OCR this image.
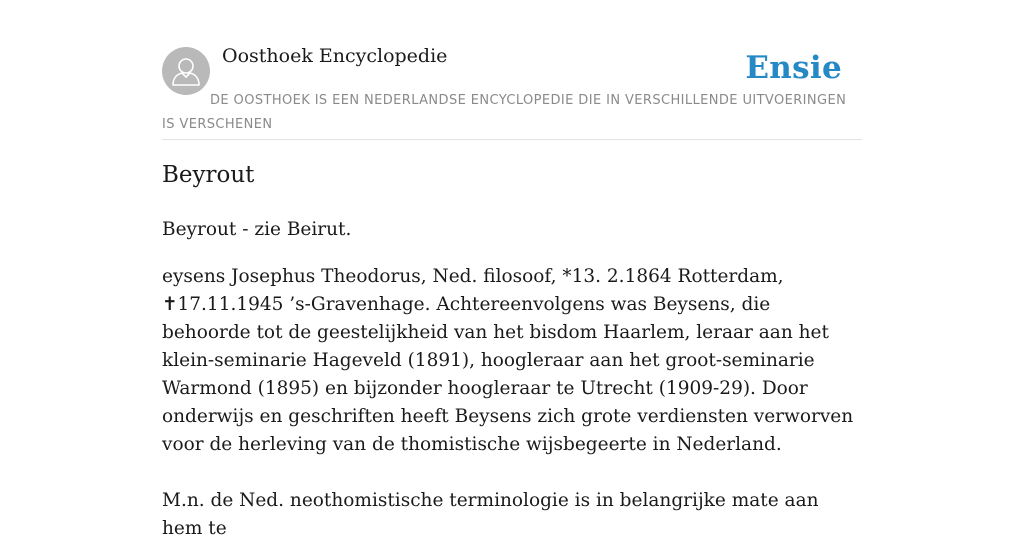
Oosthoek Encyclopedie	Ensie
DE OOSTHOEK IS EEN NEDERLANDSE ENCYCLOPEDIE DIE IN VERSCHILLENDE UITVOERINGEN IS VERSCHENEN
Beyrout

Beyrout - zie Beirut.

eysens Josephus Theodorus, Ned. filosoof, *13. 2.1864 Rotterdam, ✝17.11.1945 ’s-Gravenhage. Achtereenvolgens was Beysens, die behoorde tot de geestelijkheid van het bisdom Haarlem, leraar aan het klein-seminarie Hageveld (1891), hoogleraar aan het groot-seminarie Warmond (1895) en bijzonder hoogleraar te Utrecht (1909-29). Door onderwijs en geschriften heeft Beysens zich grote verdiensten verworven voor de herleving van de thomistische wijsbegeerte in Nederland.

M.n. de Ned. neothomistische terminologie is in belangrijke mate aan hem te
